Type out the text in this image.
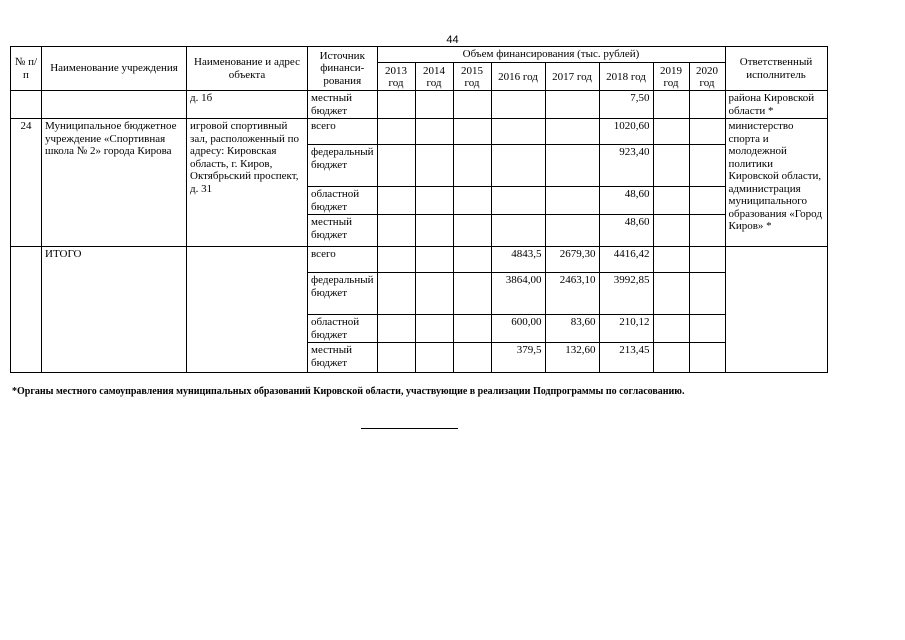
44
№ п/п	Наименование учреждения	Наименование и адрес объекта	Источник финанси-рования	Объем финансирования (тыс. рублей)								Ответственный исполнитель
				2013 год	2014 год	2015 год	2016 год	2017 год	2018 год	2019 год	2020 год	
		д. 1б	местный бюджет						7,50			района Кировской области *
24	Муниципальное бюджетное учреждение «Спортивная школа № 2» города Кирова	игровой спортивный зал, расположенный по адресу: Кировская область, г. Киров, Октябрьский проспект, д. 31	всего						1020,60			министерство спорта и молодежной политики Кировской области, администрация муниципального образования «Город Киров» *
			федеральный бюджет						923,40			
			областной бюджет						48,60			
			местный бюджет						48,60			
	ИТОГО		всего				4843,5	2679,30	4416,42			
			федеральный бюджет				3864,00	2463,10	3992,85			
			областной бюджет				600,00	83,60	210,12			
			местный бюджет				379,5	132,60	213,45			
*Органы местного самоуправления муниципальных образований Кировской области, участвующие в реализации Подпрограммы по согласованию.
